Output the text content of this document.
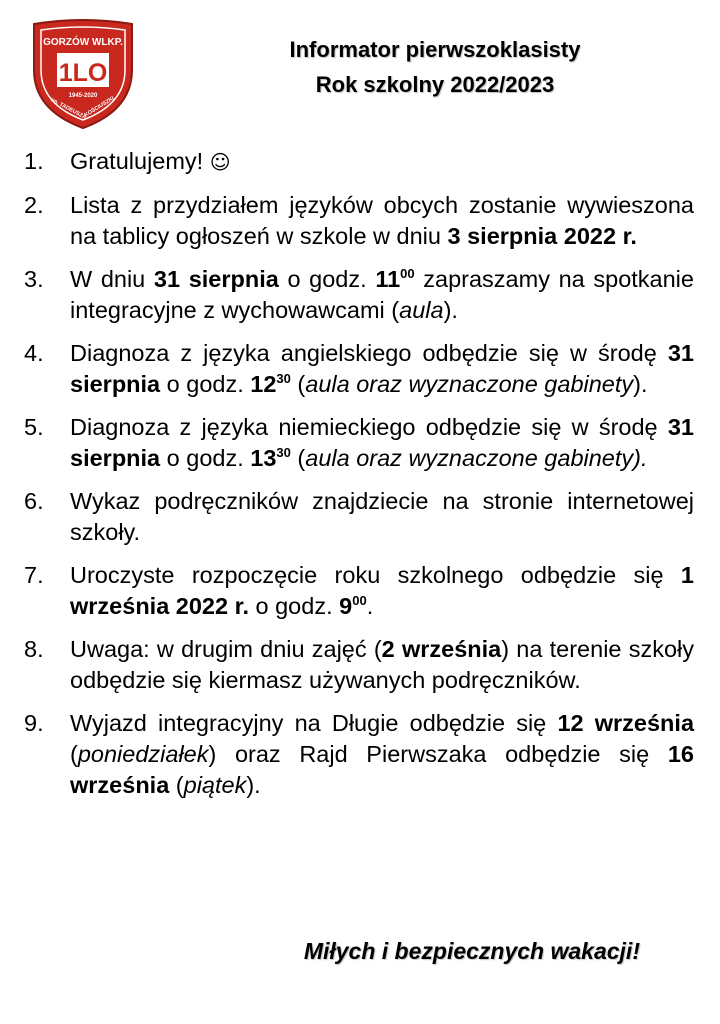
GORZÓW WLKP.
1LO
1945-2020
im. TADEUSZA
KOŚCIUSZKI
Informator pierwszoklasisty
Rok szkolny 2022/2023
1. Gratulujemy! ☺
2. Lista z przydziałem języków obcych zostanie wywieszona na tablicy ogłoszeń w szkole w dniu 3 sierpnia 2022 r.
3. W dniu 31 sierpnia o godz. $11^{00}$ zapraszamy na spotkanie integracyjne z wychowawcami (aula).
4. Diagnoza z języka angielskiego odbędzie się w środę 31 sierpnia o godz. $12^{30}$ (aula oraz wyznaczone gabinety).
5. Diagnoza z języka niemieckiego odbędzie się w środę 31 sierpnia o godz. $13^{30}$ (aula oraz wyznaczone gabinety).
6. Wykaz podręczników znajdziecie na stronie internetowej szkoły.
7. Uroczyste rozpoczęcie roku szkolnego odbędzie się 1 września 2022 r. o godz. $9^{00}$.
8. Uwaga: w drugim dniu zajęć (2 września) na terenie szkoły odbędzie się kiermasz używanych podręczników.
9. Wyjazd integracyjny na Długie odbędzie się 12 września (poniedziałek) oraz Rajd Pierwszaka odbędzie się 16 września (piątek).
Miłych i bezpiecznych wakacji!
